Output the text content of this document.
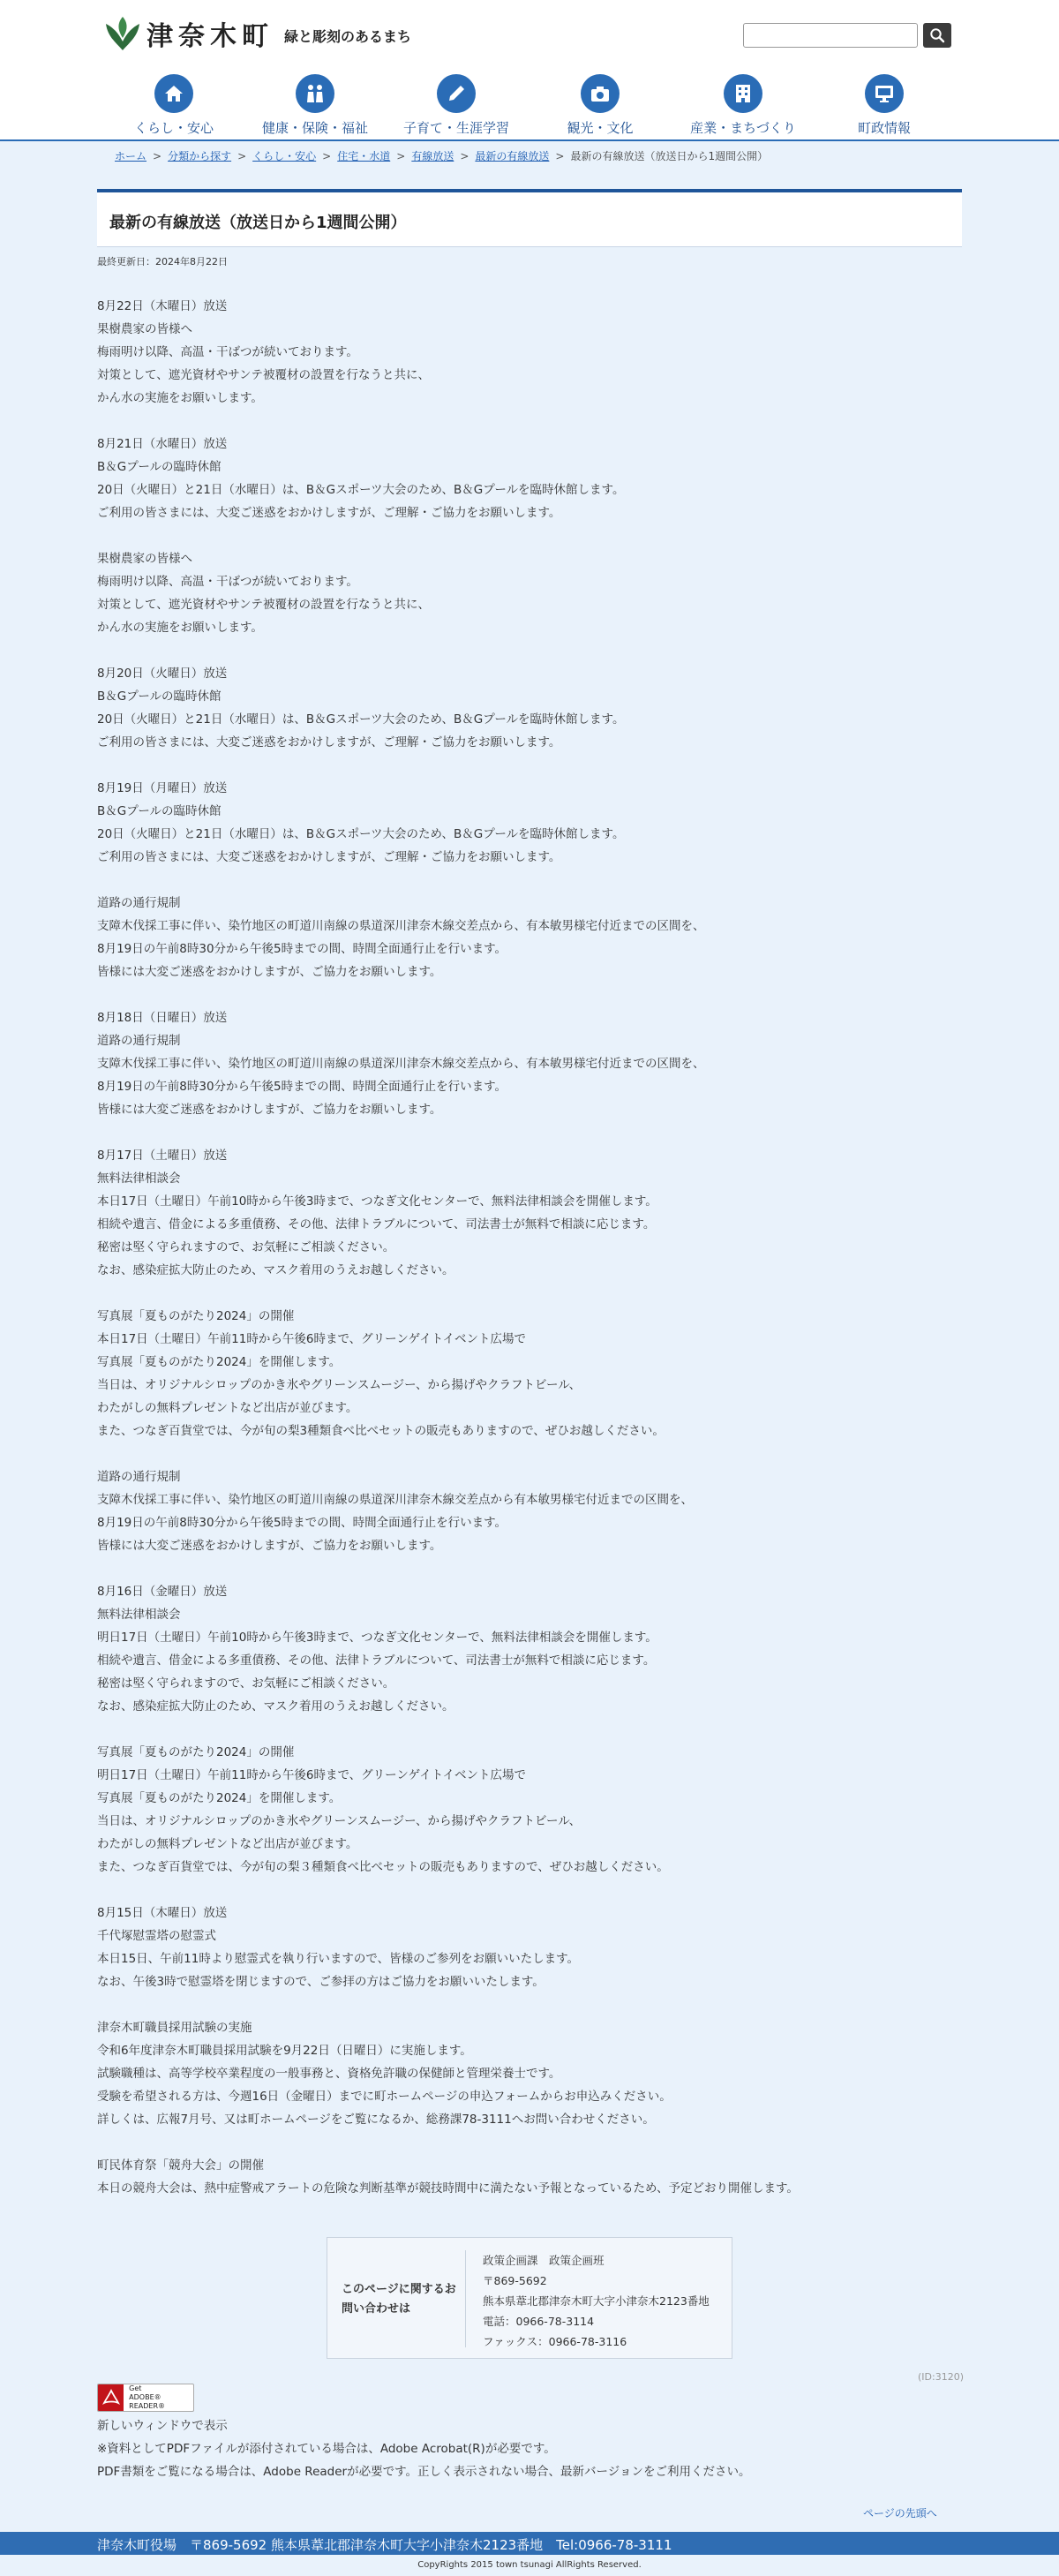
津奈木町 緑と彫刻のあるまち
くらし・安心	健康・保険・福祉	子育て・生涯学習	観光・文化	産業・まちづくり	町政情報
ホーム > 分類から探す > くらし・安心 > 住宅・水道 > 有線放送 > 最新の有線放送 > 最新の有線放送（放送日から1週間公開）
最新の有線放送（放送日から1週間公開）
最終更新日：2024年8月22日

8月22日（木曜日）放送

果樹農家の皆様へ

梅雨明け以降、高温・干ばつが続いております。

対策として、遮光資材やサンテ被覆材の設置を行なうと共に、

かん水の実施をお願いします。

8月21日（水曜日）放送

B＆Gプールの臨時休館

20日（火曜日）と21日（水曜日）は、B＆Gスポーツ大会のため、B＆Gプールを臨時休館します。

ご利用の皆さまには、大変ご迷惑をおかけしますが、ご理解・ご協力をお願いします。

果樹農家の皆様へ

梅雨明け以降、高温・干ばつが続いております。

対策として、遮光資材やサンテ被覆材の設置を行なうと共に、

かん水の実施をお願いします。

8月20日（火曜日）放送

B＆Gプールの臨時休館

20日（火曜日）と21日（水曜日）は、B＆Gスポーツ大会のため、B＆Gプールを臨時休館します。

ご利用の皆さまには、大変ご迷惑をおかけしますが、ご理解・ご協力をお願いします。

8月19日（月曜日）放送

B＆Gプールの臨時休館

20日（火曜日）と21日（水曜日）は、B＆Gスポーツ大会のため、B＆Gプールを臨時休館します。

ご利用の皆さまには、大変ご迷惑をおかけしますが、ご理解・ご協力をお願いします。

道路の通行規制

支障木伐採工事に伴い、染竹地区の町道川南線の県道深川津奈木線交差点から、有本敏男様宅付近までの区間を、

8月19日の午前8時30分から午後5時までの間、時間全面通行止を行います。

皆様には大変ご迷惑をおかけしますが、ご協力をお願いします。

8月18日（日曜日）放送

道路の通行規制

支障木伐採工事に伴い、染竹地区の町道川南線の県道深川津奈木線交差点から、有本敏男様宅付近までの区間を、

8月19日の午前8時30分から午後5時までの間、時間全面通行止を行います。

皆様には大変ご迷惑をおかけしますが、ご協力をお願いします。

8月17日（土曜日）放送

無料法律相談会

本日17日（土曜日）午前10時から午後3時まで、つなぎ文化センターで、無料法律相談会を開催します。

相続や遺言、借金による多重債務、その他、法律トラブルについて、司法書士が無料で相談に応じます。

秘密は堅く守られますので、お気軽にご相談ください。

なお、感染症拡大防止のため、マスク着用のうえお越しください。

写真展「夏ものがたり2024」の開催

本日17日（土曜日）午前11時から午後6時まで、グリーンゲイトイベント広場で

写真展「夏ものがたり2024」を開催します。

当日は、オリジナルシロップのかき氷やグリーンスムージー、から揚げやクラフトビール、

わたがしの無料プレゼントなど出店が並びます。

また、つなぎ百貨堂では、今が旬の梨3種類食べ比べセットの販売もありますので、ぜひお越しください。

道路の通行規制

支障木伐採工事に伴い、染竹地区の町道川南線の県道深川津奈木線交差点から有本敏男様宅付近までの区間を、

8月19日の午前8時30分から午後5時までの間、時間全面通行止を行います。

皆様には大変ご迷惑をおかけしますが、ご協力をお願いします。

8月16日（金曜日）放送

無料法律相談会

明日17日（土曜日）午前10時から午後3時まで、つなぎ文化センターで、無料法律相談会を開催します。

相続や遺言、借金による多重債務、その他、法律トラブルについて、司法書士が無料で相談に応じます。

秘密は堅く守られますので、お気軽にご相談ください。

なお、感染症拡大防止のため、マスク着用のうえお越しください。

写真展「夏ものがたり2024」の開催

明日17日（土曜日）午前11時から午後6時まで、グリーンゲイトイベント広場で

写真展「夏ものがたり2024」を開催します。

当日は、オリジナルシロップのかき氷やグリーンスムージー、から揚げやクラフトビール、

わたがしの無料プレゼントなど出店が並びます。

また、つなぎ百貨堂では、今が旬の梨３種類食べ比べセットの販売もありますので、ぜひお越しください。

8月15日（木曜日）放送

千代塚慰霊塔の慰霊式

本日15日、午前11時より慰霊式を執り行いますので、皆様のご参列をお願いいたします。

なお、午後3時で慰霊塔を閉じますので、ご参拝の方はご協力をお願いいたします。

津奈木町職員採用試験の実施

令和6年度津奈木町職員採用試験を9月22日（日曜日）に実施します。

試験職種は、高等学校卒業程度の一般事務と、資格免許職の保健師と管理栄養士です。

受験を希望される方は、今週16日（金曜日）までに町ホームページの申込フォームからお申込みください。

詳しくは、広報7月号、又は町ホームページをご覧になるか、総務課78-3111へお問い合わせください。

町民体育祭「競舟大会」の開催

本日の競舟大会は、熱中症警戒アラートの危険な判断基準が競技時間中に満たない予報となっているため、予定どおり開催します。

このページに関するお問い合わせは

政策企画課　政策企画班

〒869-5692

熊本県葦北郡津奈木町大字小津奈木2123番地

電話：0966-78-3114

ファックス：0966-78-3116

(ID:3120)
Get
ADOBE® READER®

新しいウィンドウで表示

※資料としてPDFファイルが添付されている場合は、Adobe Acrobat(R)が必要です。

PDF書類をご覧になる場合は、Adobe Readerが必要です。正しく表示されない場合、最新バージョンをご利用ください。

ページの先頭へ
津奈木町役場　〒869-5692 熊本県葦北郡津奈木町大字小津奈木2123番地　Tel:0966-78-3111
CopyRights 2015 town tsunagi AllRights Reserved.
